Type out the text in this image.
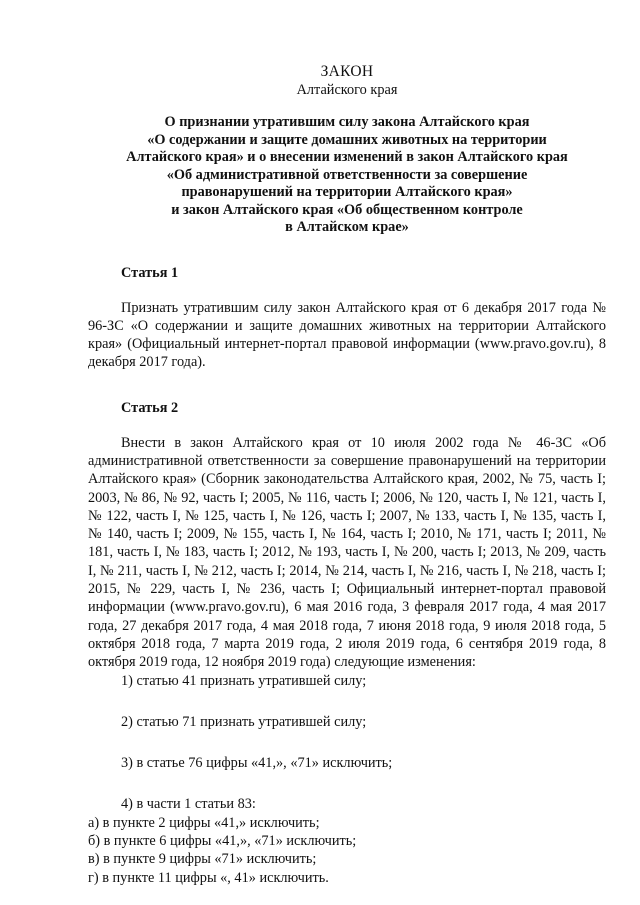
ЗАКОН
Алтайского края
О признании утратившим силу закона Алтайского края
«О содержании и защите домашних животных на территории
Алтайского края» и о внесении изменений в закон Алтайского края
«Об административной ответственности за совершение
правонарушений на территории Алтайского края»
и закон Алтайского края «Об общественном контроле
в Алтайском крае»
Статья 1
Признать утратившим силу закон Алтайского края от 6 декабря 2017 года № 96-ЗС «О содержании и защите домашних животных на территории Алтайского края» (Официальный интернет-портал правовой информации (www.pravo.gov.ru), 8 декабря 2017 года).
Статья 2
Внести в закон Алтайского края от 10 июля 2002 года № 46-ЗС «Об административной ответственности за совершение правонарушений на территории Алтайского края» (Сборник законодательства Алтайского края, 2002, № 75, часть I; 2003, № 86, № 92, часть I; 2005, № 116, часть I; 2006, № 120, часть I, № 121, часть I, № 122, часть I, № 125, часть I, № 126, часть I; 2007, № 133, часть I, № 135, часть I, № 140, часть I; 2009, № 155, часть I, № 164, часть I; 2010, № 171, часть I; 2011, № 181, часть I, № 183, часть I; 2012, № 193, часть I, № 200, часть I; 2013, № 209, часть I, № 211, часть I, № 212, часть I; 2014, № 214, часть I, № 216, часть I, № 218, часть I; 2015, № 229, часть I, № 236, часть I; Официальный интернет-портал правовой информации (www.pravo.gov.ru), 6 мая 2016 года, 3 февраля 2017 года, 4 мая 2017 года, 27 декабря 2017 года, 4 мая 2018 года, 7 июня 2018 года, 9 июля 2018 года, 5 октября 2018 года, 7 марта 2019 года, 2 июля 2019 года, 6 сентября 2019 года, 8 октября 2019 года, 12 ноября 2019 года) следующие изменения:
1) статью 41 признать утратившей силу;
2) статью 71 признать утратившей силу;
3) в статье 76 цифры «41,», «71» исключить;
4) в части 1 статьи 83:
а) в пункте 2 цифры «41,» исключить;
б) в пункте 6 цифры «41,», «71» исключить;
в) в пункте 9 цифры «71» исключить;
г) в пункте 11 цифры «, 41» исключить.
